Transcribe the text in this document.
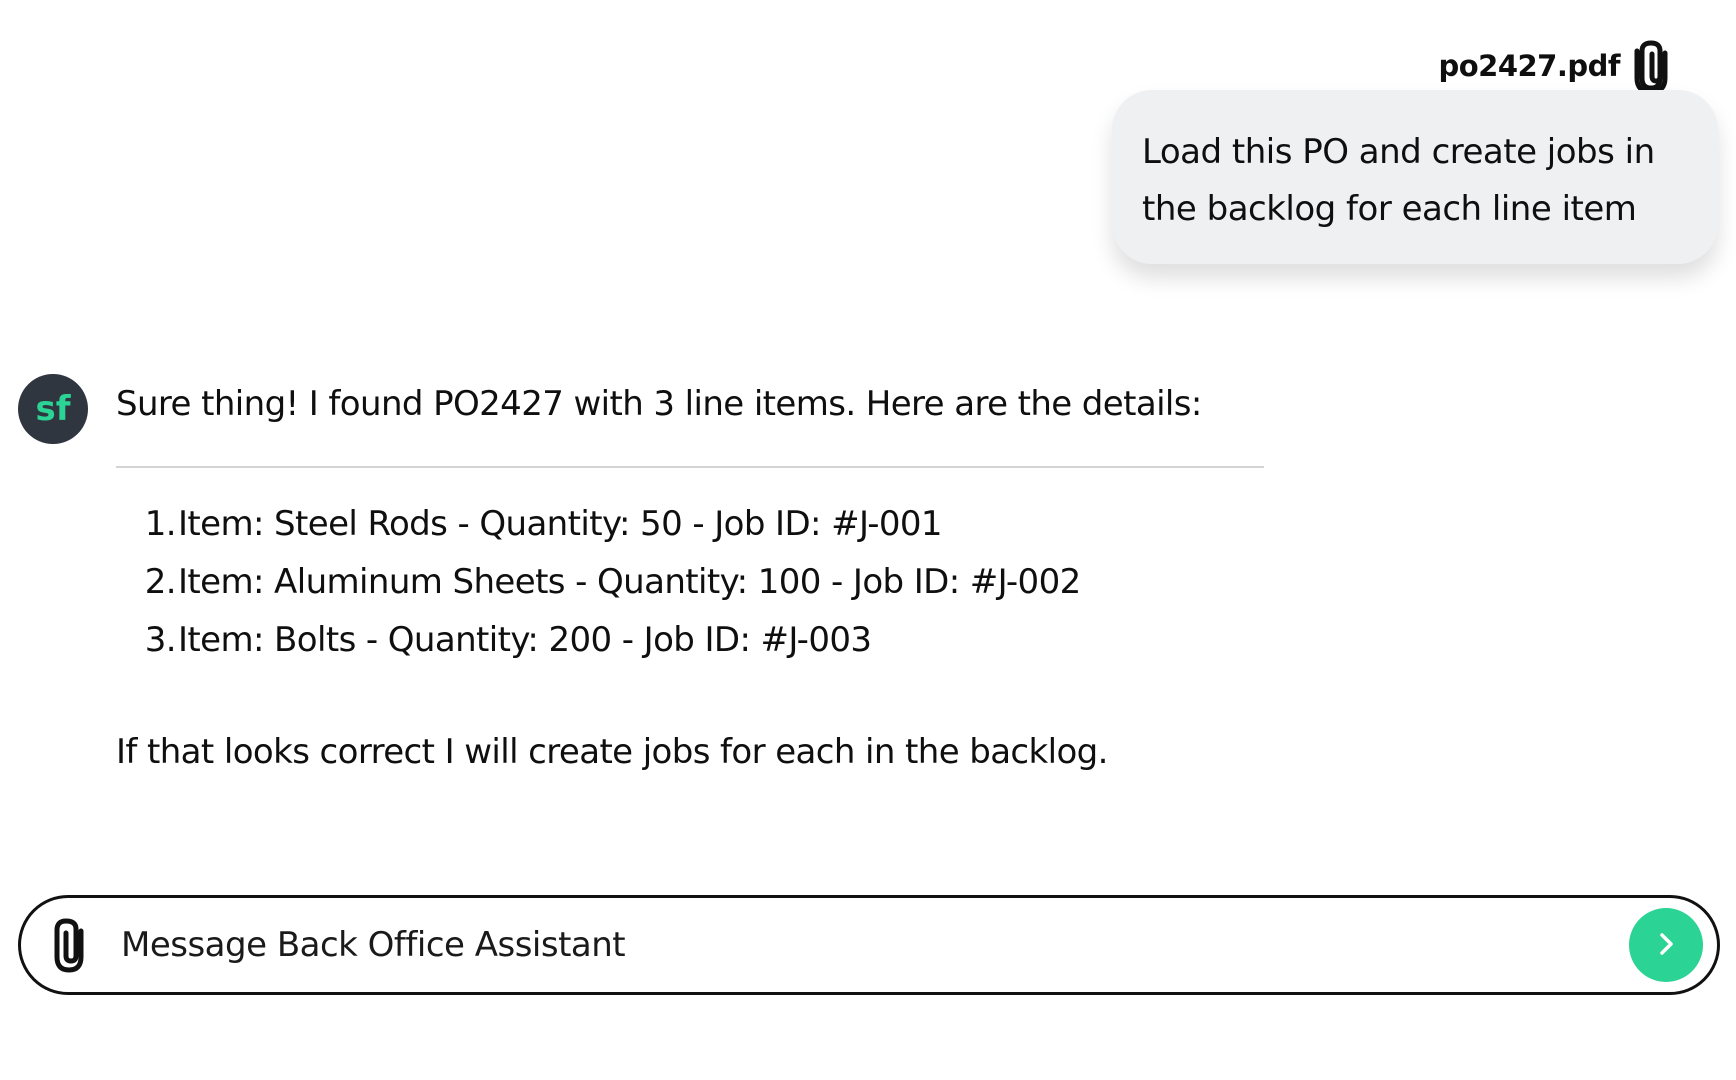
po2427.pdf
Load this PO and create jobs in the backlog for each line item
sf Sure thing! I found PO2427 with 3 line items. Here are the details:
1. Item: Steel Rods - Quantity: 50 - Job ID: #J-001
2. Item: Aluminum Sheets - Quantity: 100 - Job ID: #J-002
3. Item: Bolts - Quantity: 200 - Job ID: #J-003
If that looks correct I will create jobs for each in the backlog.
Message Back Office Assistant
